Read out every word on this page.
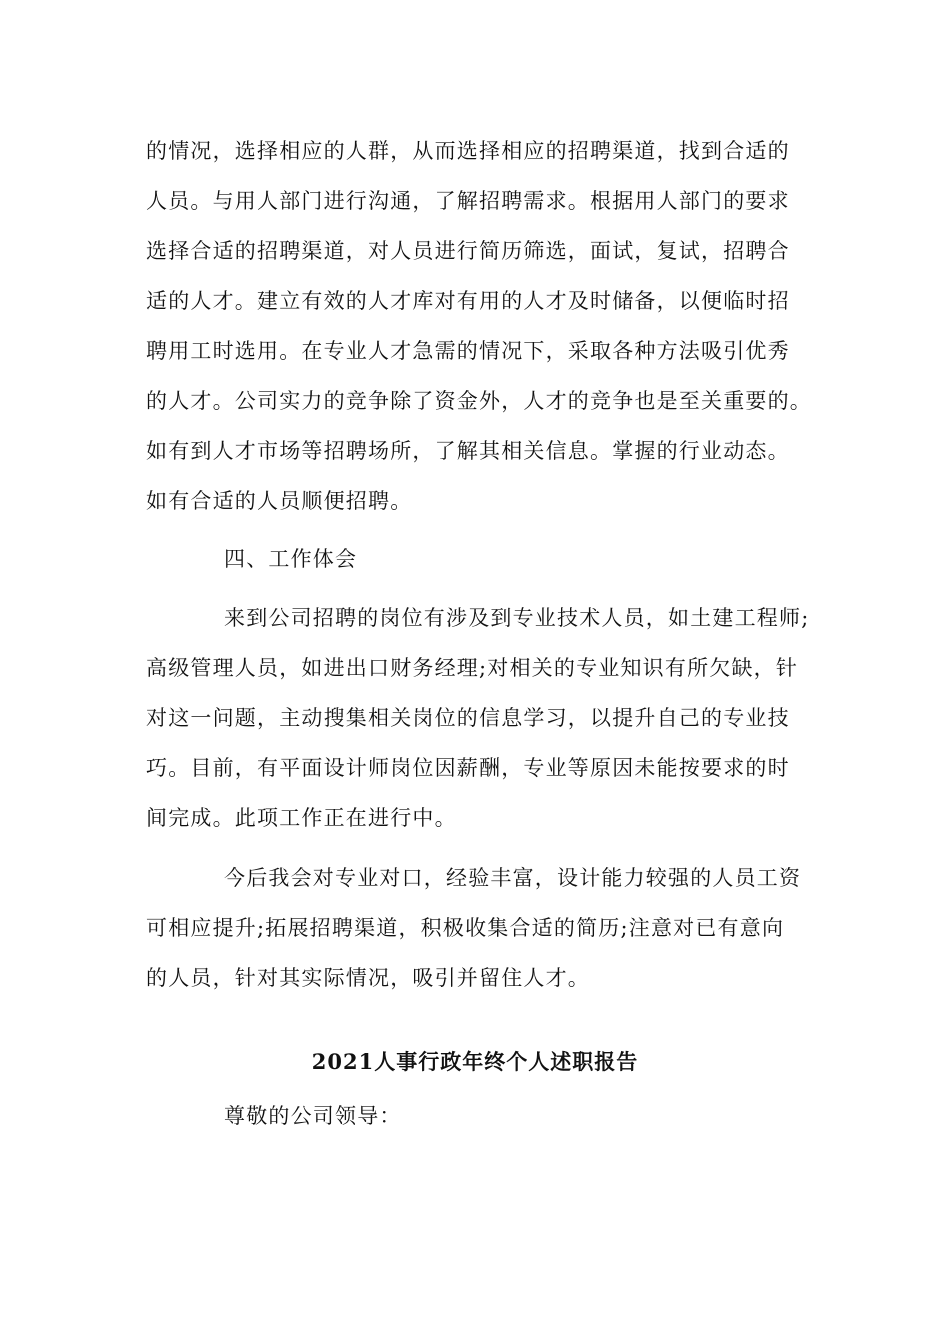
的情况，选择相应的人群，从而选择相应的招聘渠道，找到合适的
人员。与用人部门进行沟通，了解招聘需求。根据用人部门的要求
选择合适的招聘渠道，对人员进行简历筛选，面试，复试，招聘合
适的人才。建立有效的人才库对有用的人才及时储备，以便临时招
聘用工时选用。在专业人才急需的情况下，采取各种方法吸引优秀
的人才。公司实力的竞争除了资金外，人才的竞争也是至关重要的。
如有到人才市场等招聘场所，了解其相关信息。掌握的行业动态。
如有合适的人员顺便招聘。
四、工作体会
来到公司招聘的岗位有涉及到专业技术人员，如土建工程师;
高级管理人员，如进出口财务经理;对相关的专业知识有所欠缺，针
对这一问题，主动搜集相关岗位的信息学习，以提升自己的专业技
巧。目前，有平面设计师岗位因薪酬，专业等原因未能按要求的时
间完成。此项工作正在进行中。
今后我会对专业对口，经验丰富，设计能力较强的人员工资
可相应提升;拓展招聘渠道，积极收集合适的简历;注意对已有意向
的人员，针对其实际情况，吸引并留住人才。
2021人事行政年终个人述职报告
尊敬的公司领导：
